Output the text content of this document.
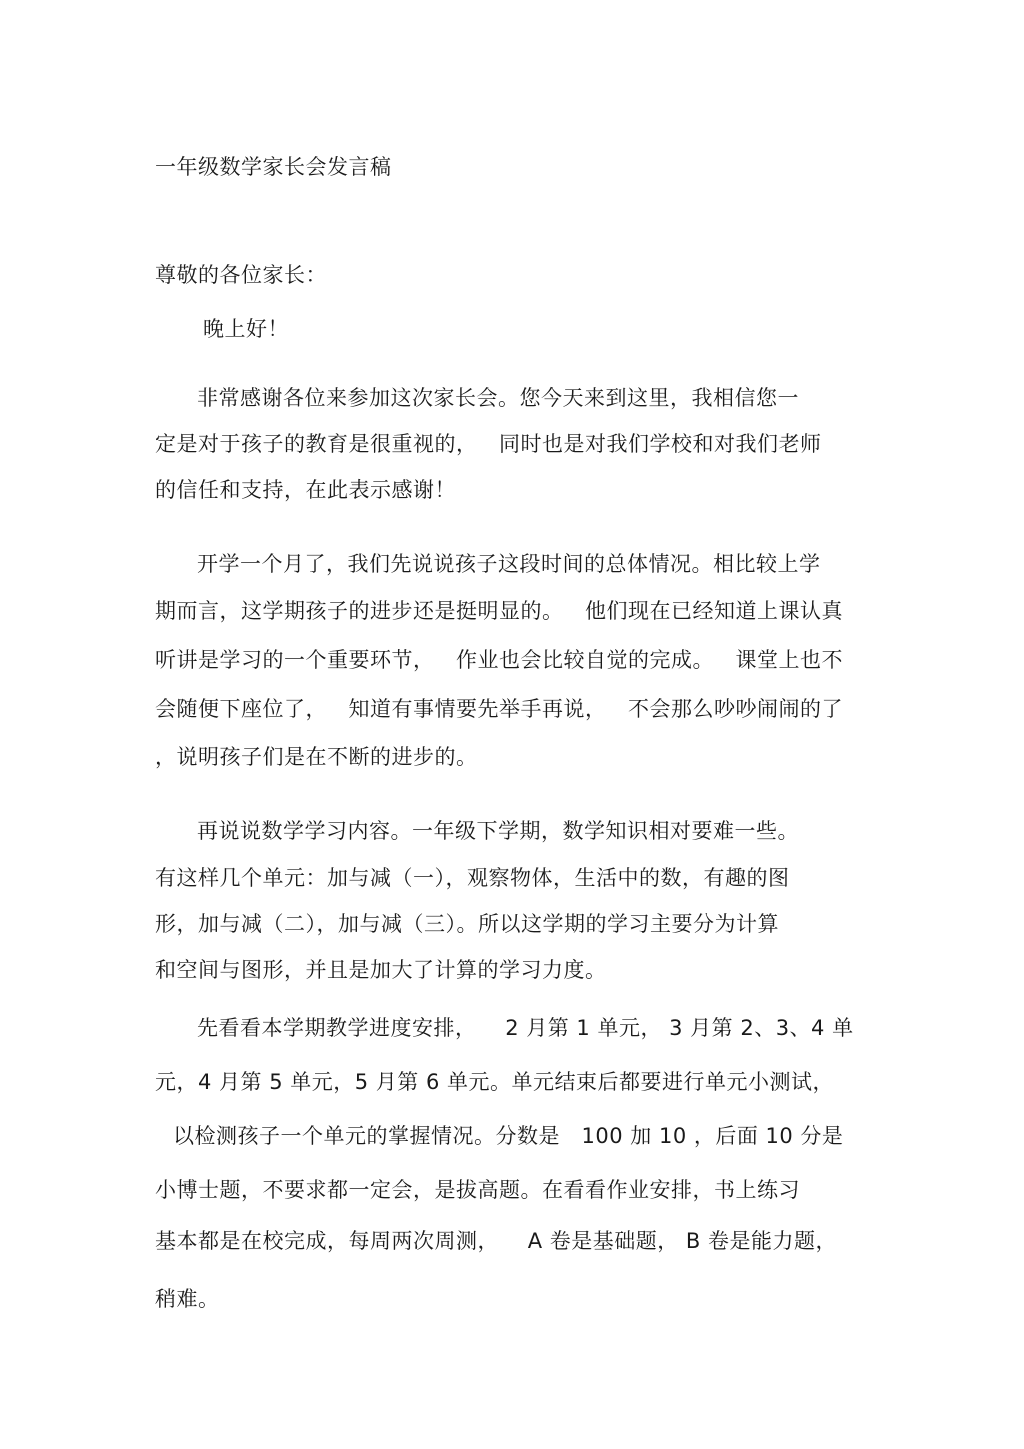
一年级数学家长会发言稿
尊敬的各位家长：
晚上好！
非常感谢各位来参加这次家长会。您今天来到这里，我相信您一
定是对于孩子的教育是很重视的，   同时也是对我们学校和对我们老师
的信任和支持，在此表示感谢！
开学一个月了，我们先说说孩子这段时间的总体情况。相比较上学
期而言，这学期孩子的进步还是挺明显的。   他们现在已经知道上课认真
听讲是学习的一个重要环节，   作业也会比较自觉的完成。   课堂上也不
会随便下座位了，   知道有事情要先举手再说，   不会那么吵吵闹闹的了
，说明孩子们是在不断的进步的。
再说说数学学习内容。一年级下学期，数学知识相对要难一些。
有这样几个单元：加与减（一），观察物体，生活中的数，有趣的图
形，加与减（二），加与减（三）。所以这学期的学习主要分为计算
和空间与图形，并且是加大了计算的学习力度。
先看看本学期教学进度安排，    2 月第 1 单元， 3 月第 2、3、4 单
元，4 月第 5 单元，5 月第 6 单元。单元结束后都要进行单元小测试，
以检测孩子一个单元的掌握情况。分数是   100 加 10 ，后面 10 分是
小博士题，不要求都一定会，是拔高题。在看看作业安排，书上练习
基本都是在校完成，每周两次周测，    A 卷是基础题， B 卷是能力题，
稍难。
